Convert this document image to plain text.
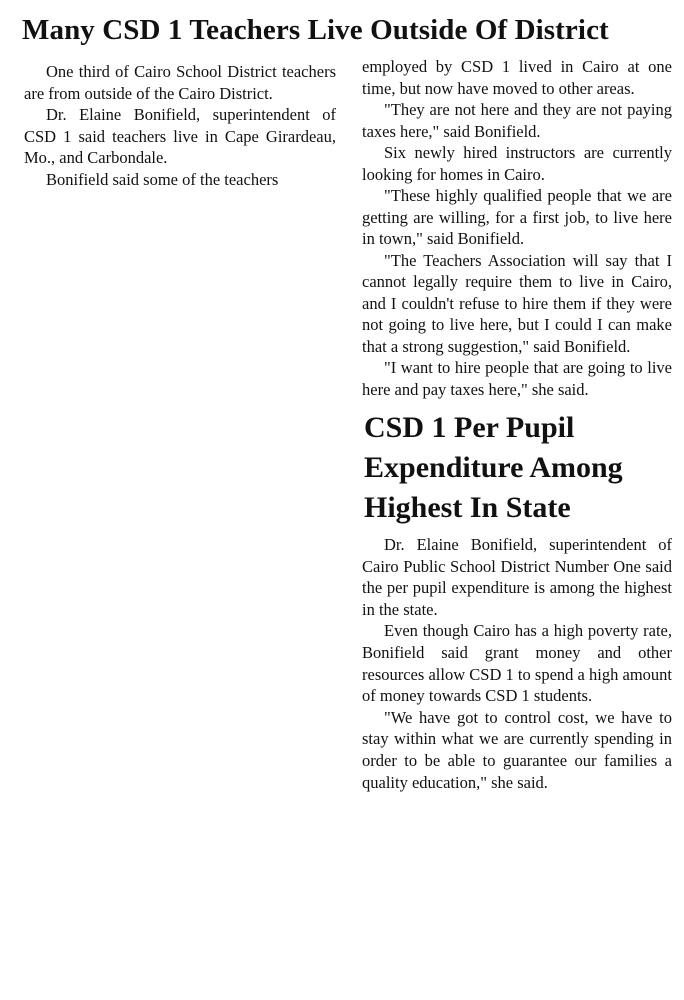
Many CSD 1 Teachers Live Outside Of District

One third of Cairo School District teachers are from outside of the Cairo District.

Dr. Elaine Bonifield, superintendent of CSD 1 said teachers live in Cape Girardeau, Mo., and Carbondale.

Bonifield said some of the teachers

employed by CSD 1 lived in Cairo at one time, but now have moved to other areas.

"They are not here and they are not paying taxes here," said Bonifield.

Six newly hired instructors are currently looking for homes in Cairo.

"These highly qualified people that we are getting are willing, for a first job, to live here in town," said Bonifield.

"The Teachers Association will say that I cannot legally require them to live in Cairo, and I couldn't refuse to hire them if they were not going to live here, but I could I can make that a strong suggestion," said Bonifield.

"I want to hire people that are going to live here and pay taxes here," she said.

CSD 1 Per Pupil Expenditure Among Highest In State

Dr. Elaine Bonifield, superintendent of Cairo Public School District Number One said the per pupil expenditure is among the highest in the state.

Even though Cairo has a high poverty rate, Bonifield said grant money and other resources allow CSD 1 to spend a high amount of money towards CSD 1 students.

"We have got to control cost, we have to stay within what we are currently spending in order to be able to guarantee our families a quality education," she said.
